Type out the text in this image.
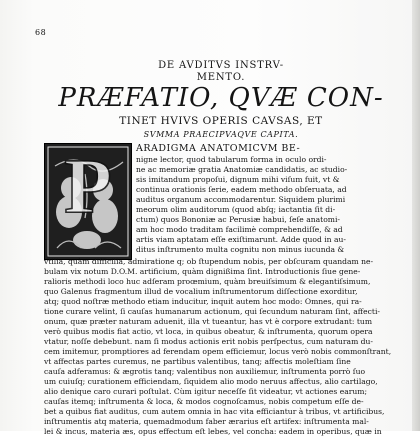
68
DE AVDITVS INSTRV-
MENTO.
PRÆFATIO, QVÆ CON-
TINET HVIVS OPERIS CAVSAS, ET
SVMMA PRAECIPVAQVE CAPITA.
P	ARADIGMA ANATOMICVM BE-
nigne lector, quod tabularum forma in oculo ordi-
ne ac memoriæ gratia Anatomiæ candidatis, ac studio-
sis imitandum propoſui, dignum mihi viſum fuit, vt &
continua orationis ſerie, eadem methodo obſeruata, ad
auditus organum accommodarentur. Siquidem plurimi
meorum olim auditorum (quod abſq; iactantia ſit di-
ctum) quos Bononiæ ac Perusiæ habui, ſeſe anatomi-
am hoc modo traditam facilimè comprehendiſſe, & ad
artis viam aptatam eſſe exiſtimarunt. Adde quod in au-
ditus inſtrumento multa cognitu non minus iucunda &
vtilia, quàm difficilia, admiratione q; ob ſtupendum nobis, per obſcuram quandam ne-
bulam vix notum D.O.M. artificium, quàm dignißima ſint. Introductionis ſiue gene-
ralioris methodi loco huc adſeram proœmium, quàm breuiſsimum & elegantiſsimum,
quo Galenus fragmentum illud de vocalium inſtrumentorum diſſectione exorditur,
atq; quod noſtræ methodo etiam inducitur, inquit autem hoc modo: Omnes, qui ra-
tione curare velint, ſi cauſas humanarum actionum, qui ſecundum naturam ſint, affecti-
onum, quæ præter naturam aduenit, illa vt tueantur, has vt è corpore extrudant: tum
verò quibus modis fiat actio, vt loca, in quibus obeatur, & inſtrumenta, quorum opera
vtatur, noſſe debebunt. nam ſi modus actionis erit nobis perſpectus, cum naturam du-
cem imitemur, promptiores ad ferendam opem efficiemur, locus verò nobis commonſtrant,
vt affectas partes curemus, ne partibus valentibus, tanq; affectis moleſtiam ſine
cauſa adferamus: & ægrotis tanq; valentibus non auxiliemur, inſtrumenta porrò ſuo
um cuiuſq; curationem efficiendam, ſiquidem alio modo neruus affectus, alio cartilago,
alio denique caro curari poſtulat. Cùm igitur neceſſe ſit videatur, vt actiones earum;
cauſas itemq; inſtrumenta & loca, & modos cognoſcamus, nobis competum eſſe de-
bet a quibus fiat auditus, cum autem omnia in hac vita efficiantur à tribus, vt artificibus,
inſtrumentis atq materia, quemadmodum faber ærarius eſt artifex: inſtrumenta mal-
lei & incus, materia æs, opus effectum eſt lebes, vel concha: eadem in operibus, quæ in
